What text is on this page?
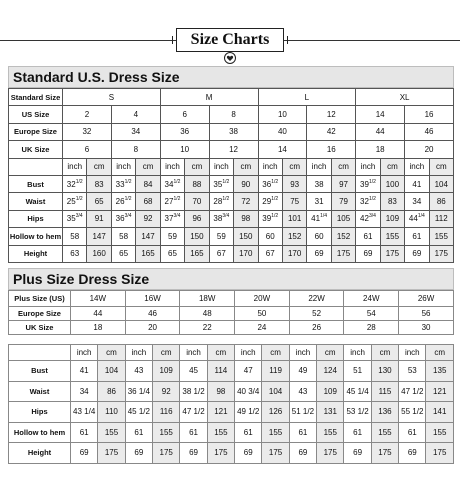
Size Charts
Standard U.S. Dress Size
Standard Size	S				M				L				XL			
US Size	2		4		6		8		10		12		14		16	
Europe Size	32		34		36		38		40		42		44		46	
UK Size	6		8		10		12		14		16		18		20	
	inch	cm	inch	cm	inch	cm	inch	cm	inch	cm	inch	cm	inch	cm	inch	cm
Bust	$32^{1/2}$	83	$33^{1/2}$	84	$34^{1/2}$	88	$35^{1/2}$	90	$36^{1/2}$	93	38	97	$39^{1/2}$	100	41	104
Waist	$25^{1/2}$	65	$26^{1/2}$	68	$27^{1/2}$	70	$28^{1/2}$	72	$29^{1/2}$	75	31	79	$32^{1/2}$	83	34	86
Hips	$35^{3/4}$	91	$36^{3/4}$	92	$37^{3/4}$	96	$38^{3/4}$	98	$39^{1/2}$	101	$41^{1/4}$	105	$42^{3/4}$	109	$44^{1/4}$	112
Hollow to hem	58	147	58	147	59	150	59	150	60	152	60	152	61	155	61	155
Height	63	160	65	165	65	165	67	170	67	170	69	175	69	175	69	175
Plus Size Dress Size
Plus Size (US)	14W		16W		18W		20W		22W		24W		26W	
Europe Size	44		46		48		50		52		54		56	
UK Size	18		20		22		24		26		28		30	

	inch	cm	inch	cm	inch	cm	inch	cm	inch	cm	inch	cm	inch	cm
Bust	41	104	43	109	45	114	47	119	49	124	51	130	53	135
Waist	34	86	36 1/4	92	38 1/2	98	40 3/4	104	43	109	45 1/4	115	47 1/2	121
Hips	43 1/4	110	45 1/2	116	47 1/2	121	49 1/2	126	51 1/2	131	53 1/2	136	55 1/2	141
Hollow to hem	61	155	61	155	61	155	61	155	61	155	61	155	61	155
Height	69	175	69	175	69	175	69	175	69	175	69	175	69	175
